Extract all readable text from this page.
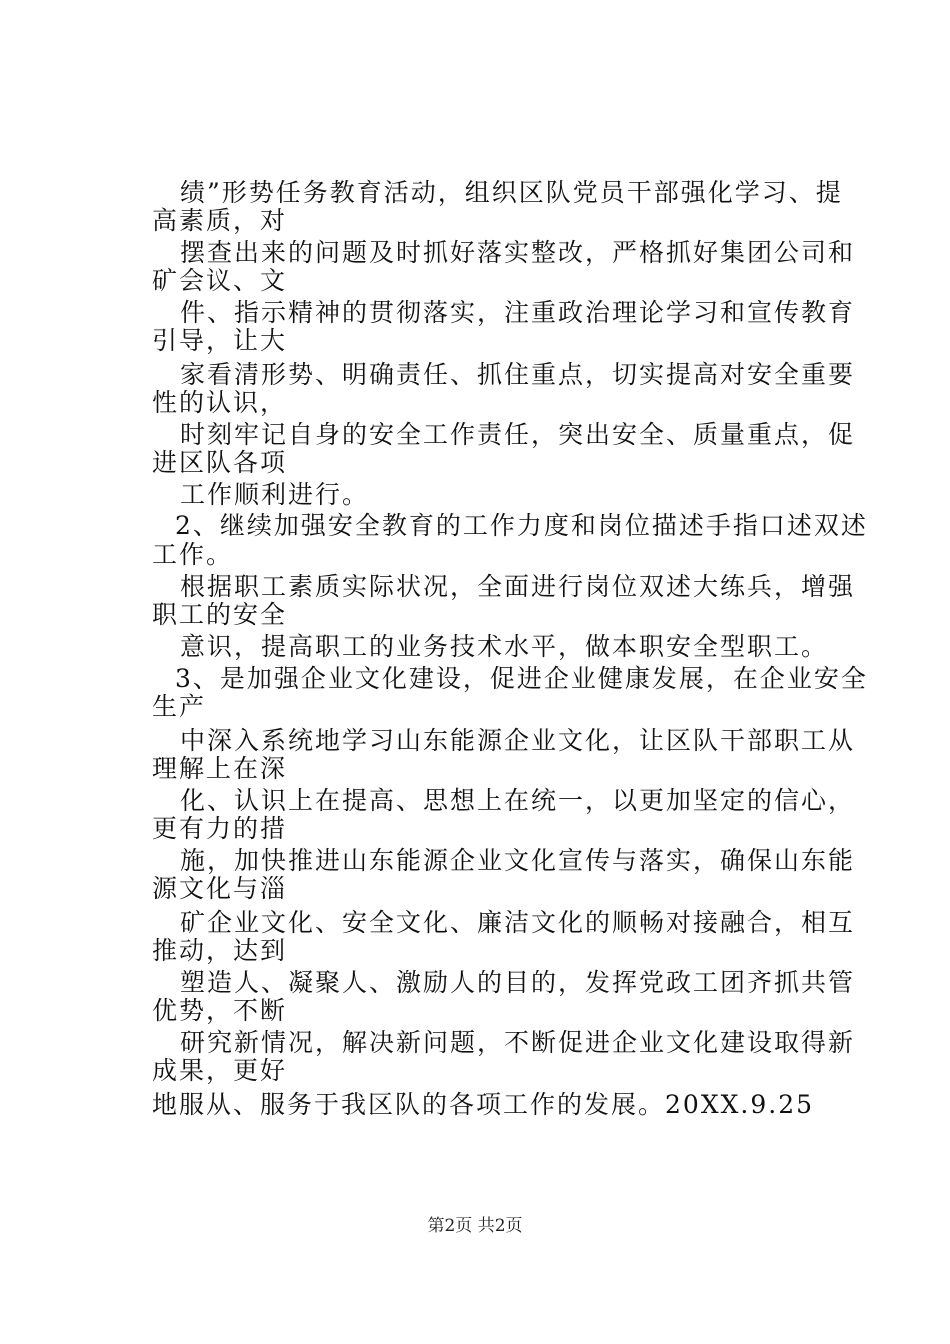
绩”形势任务教育活动，组织区队党员干部强化学习、提
高素质，对
摆查出来的问题及时抓好落实整改，严格抓好集团公司和
矿会议、文
件、指示精神的贯彻落实，注重政治理论学习和宣传教育
引导，让大
家看清形势、明确责任、抓住重点，切实提高对安全重要
性的认识，
时刻牢记自身的安全工作责任，突出安全、质量重点，促
进区队各项
工作顺利进行。
2、继续加强安全教育的工作力度和岗位描述手指口述双述
工作。
根据职工素质实际状况，全面进行岗位双述大练兵，增强
职工的安全
意识，提高职工的业务技术水平，做本职安全型职工。
3、是加强企业文化建设，促进企业健康发展，在企业安全
生产
中深入系统地学习山东能源企业文化，让区队干部职工从
理解上在深
化、认识上在提高、思想上在统一，以更加坚定的信心，
更有力的措
施，加快推进山东能源企业文化宣传与落实，确保山东能
源文化与淄
矿企业文化、安全文化、廉洁文化的顺畅对接融合，相互
推动，达到
塑造人、凝聚人、激励人的目的，发挥党政工团齐抓共管
优势，不断
研究新情况，解决新问题，不断促进企业文化建设取得新
成果，更好
地服从、服务于我区队的各项工作的发展。20XX.9.25
第2页 共2页
